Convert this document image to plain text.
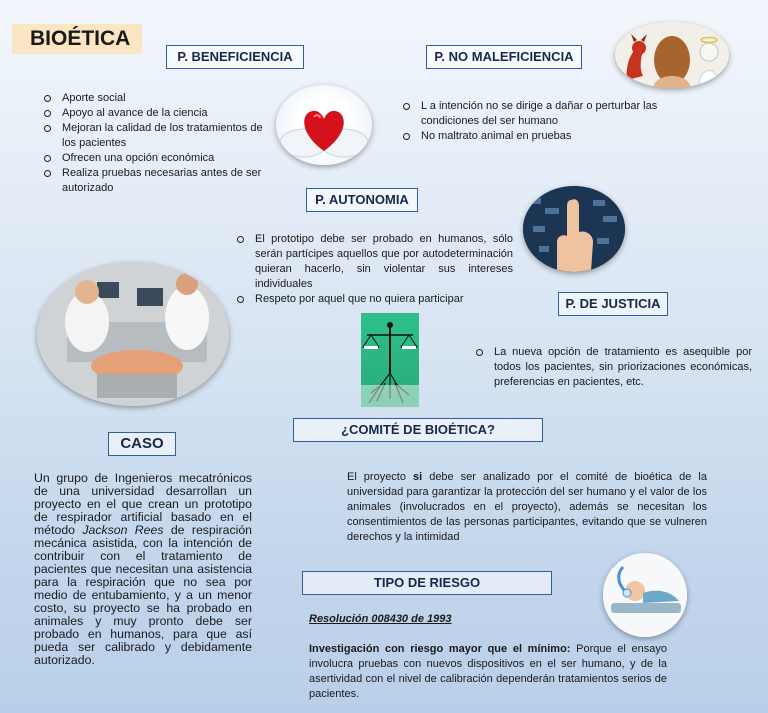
BIOÉTICA
P. BENEFICIENCIA	P. NO MALEFICIENCIA
P. AUTONOMIA
P. DE JUSTICIA
CASO
¿COMITÉ DE BIOÉTICA?
TIPO DE RIESGO
Aporte social
Apoyo al avance de la ciencia
Mejoran la calidad de los tratamientos de los pacientes
Ofrecen una opción económica
Realiza pruebas necesarias antes de ser autorizado
L a intención no se dirige a dañar o perturbar las condiciones del ser humano
No maltrato animal en pruebas
El prototipo debe ser probado en humanos, sólo serán partícipes aquellos que por autodeterminación quieran hacerlo, sin violentar sus intereses individuales
Respeto por aquel que no quiera participar
La nueva opción de tratamiento es asequible por todos los pacientes, sin priorizaciones económicas, preferencias en pacientes, etc.
Un grupo de Ingenieros mecatrónicos de una universidad desarrollan un proyecto en el que crean un prototipo de respirador artificial basado en el método Jackson Rees de respiración mecánica asistida, con la intención de contribuir con el tratamiento de pacientes que necesitan una asistencia para la respiración que no sea por medio de entubamiento, y a un menor costo, su proyecto se ha probado en animales y muy pronto debe ser probado en humanos, para que así pueda ser calibrado y debidamente autorizado.
El proyecto si debe ser analizado por el comité de bioética de la universidad para garantizar la protección del ser humano y el valor de los animales (involucrados en el proyecto), además se necesitan los consentimientos de las personas participantes, evitando que se vulneren derechos y la intimidad
Resolución 008430 de 1993
Investigación con riesgo mayor que el mínimo: Porque el ensayo involucra pruebas con nuevos dispositivos en el ser humano, y de la asertividad con el nivel de calibración dependerán tratamientos serios de pacientes.
